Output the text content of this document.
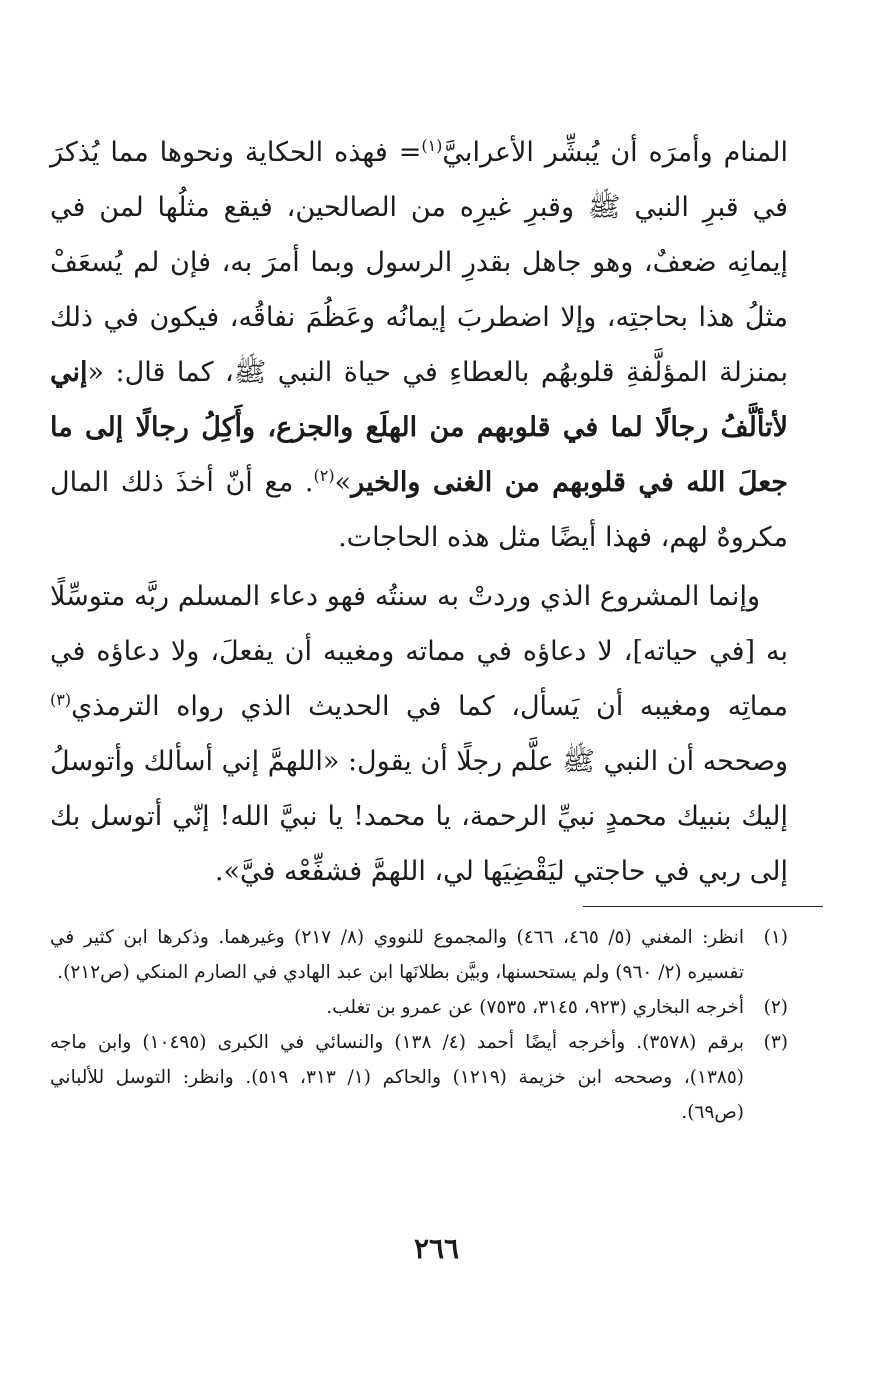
المنام وأمرَه أن يُبشِّر الأعرابيَّ$^{(١)}$= فهذه الحكاية ونحوها مما يُذكرَ في قبرِ النبي ﷺ وقبرِ غيرِه من الصالحين، فيقع مثلُها لمن في إيمانِه ضعفٌ، وهو جاهل بقدرِ الرسول وبما أمرَ به، فإن لم يُسعَفْ مثلُ هذا بحاجتِه، وإلا اضطربَ إيمانُه وعَظُمَ نفاقُه، فيكون في ذلك بمنزلة المؤلَّفةِ قلوبهُم بالعطاءِ في حياة النبي ﷺ، كما قال: «إني لأتألَّفُ رجالًا لما في قلوبهم من الهلَع والجزع، وأَكِلُ رجالًا إلى ما جعلَ الله في قلوبهم من الغنى والخير»$^{(٢)}$. مع أنّ أخذَ ذلك المال مكروهٌ لهم، فهذا أيضًا مثل هذه الحاجات.

وإنما المشروع الذي وردتْ به سنتُه فهو دعاء المسلم ربَّه متوسِّلًا به [في حياته]، لا دعاؤه في مماته ومغيبه أن يفعلَ، ولا دعاؤه في مماتِه ومغيبه أن يَسأل، كما في الحديث الذي رواه الترمذي$^{(٣)}$ وصححه أن النبي ﷺ علَّم رجلًا أن يقول: «اللهمَّ إني أسألك وأتوسلُ إليك بنبيك محمدٍ نبيِّ الرحمة، يا محمد! يا نبيَّ الله! إنّي أتوسل بك إلى ربي في حاجتي ليَقْضِيَها لي، اللهمَّ فشفِّعْه فيَّ».

(١)
انظر: المغني (٥/ ٤٦٥، ٤٦٦) والمجموع للنووي (٨/ ٢١٧) وغيرهما. وذكرها ابن كثير في تفسيره (٢/ ٩٦٠) ولم يستحسنها، وبيَّن بطلانَها ابن عبد الهادي في الصارم المنكي (ص٢١٢).
(٢)
أخرجه البخاري (٩٢٣، ٣١٤٥، ٧٥٣٥) عن عمرو بن تغلب.
(٣)
برقم (٣٥٧٨). وأخرجه أيضًا أحمد (٤/ ١٣٨) والنسائي في الكبرى (١٠٤٩٥) وابن ماجه (١٣٨٥)، وصححه ابن خزيمة (١٢١٩) والحاكم (١/ ٣١٣، ٥١٩). وانظر: التوسل للألباني (ص٦٩).
٢٦٦
